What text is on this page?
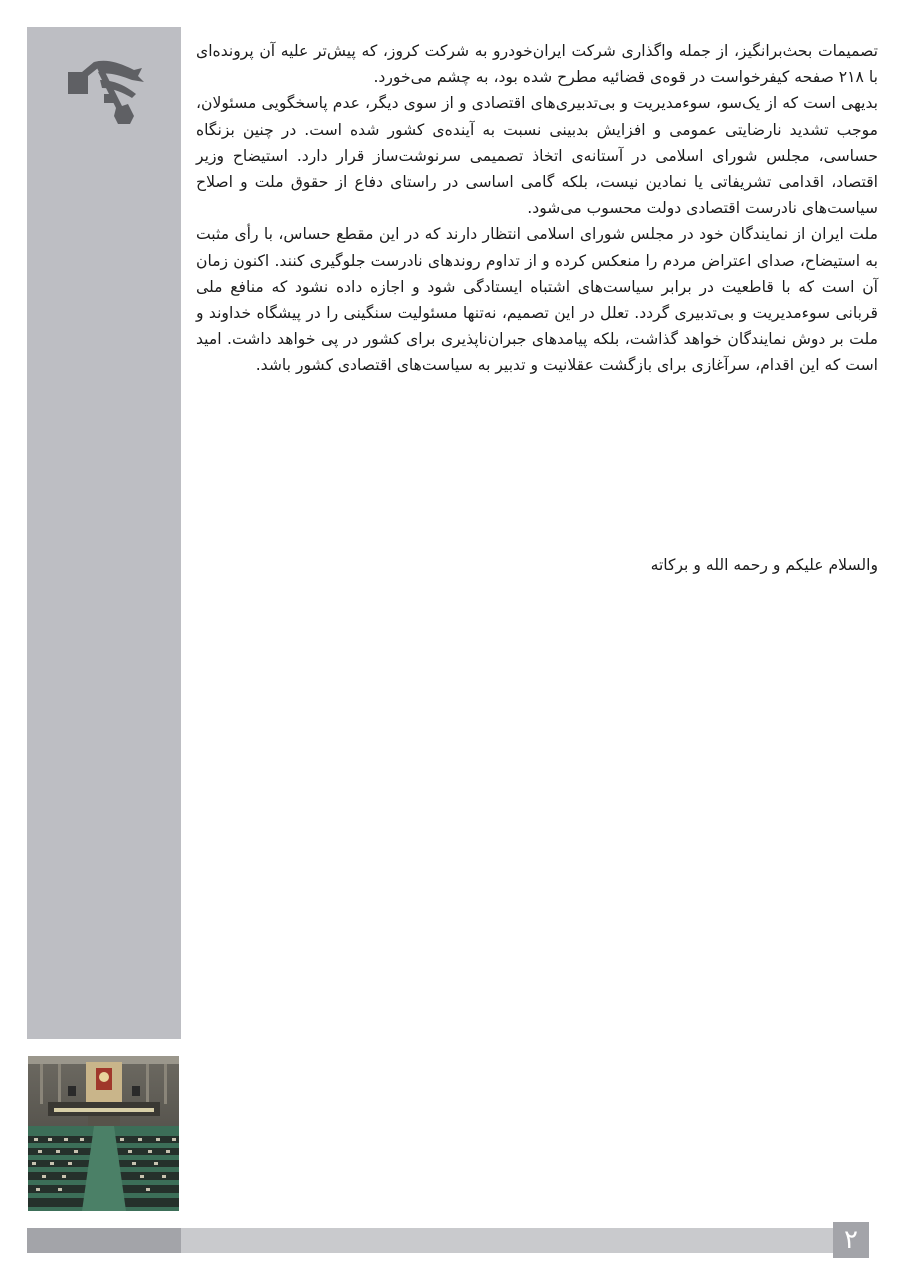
تصمیمات بحث‌برانگیز، از جمله واگذاری شرکت ایران‌خودرو به شرکت کروز، که پیش‌تر علیه آن پرونده‌ای با ۲۱۸ صفحه کیفرخواست در قوه‌ی قضائیه مطرح شده بود، به چشم می‌خورد.

بدیهی است که از یک‌سو، سوءمدیریت و بی‌تدبیری‌های اقتصادی و از سوی دیگر، عدم پاسخگویی مسئولان، موجب تشدید نارضایتی عمومی و افزایش بدبینی نسبت به آینده‌ی کشور شده است. در چنین بزنگاه حساسی، مجلس شورای اسلامی در آستانه‌ی اتخاذ تصمیمی سرنوشت‌ساز قرار دارد. استیضاح وزیر اقتصاد، اقدامی تشریفاتی یا نمادین نیست، بلکه گامی اساسی در راستای دفاع از حقوق ملت و اصلاح سیاست‌های نادرست اقتصادی دولت محسوب می‌شود.

ملت ایران از نمایندگان خود در مجلس شورای اسلامی انتظار دارند که در این مقطع حساس، با رأی مثبت به استیضاح، صدای اعتراض مردم را منعکس کرده و از تداوم روندهای نادرست جلوگیری کنند. اکنون زمان آن است که با قاطعیت در برابر سیاست‌های اشتباه ایستادگی شود و اجازه داده نشود که منافع ملی قربانی سوءمدیریت و بی‌تدبیری گردد. تعلل در این تصمیم، نه‌تنها مسئولیت سنگینی را در پیشگاه خداوند و ملت بر دوش نمایندگان خواهد گذاشت، بلکه پیامدهای جبران‌ناپذیری برای کشور در پی خواهد داشت. امید است که این اقدام، سرآغازی برای بازگشت عقلانیت و تدبیر به سیاست‌های اقتصادی کشور باشد.

والسلام علیکم و رحمه الله و برکاته
۲
